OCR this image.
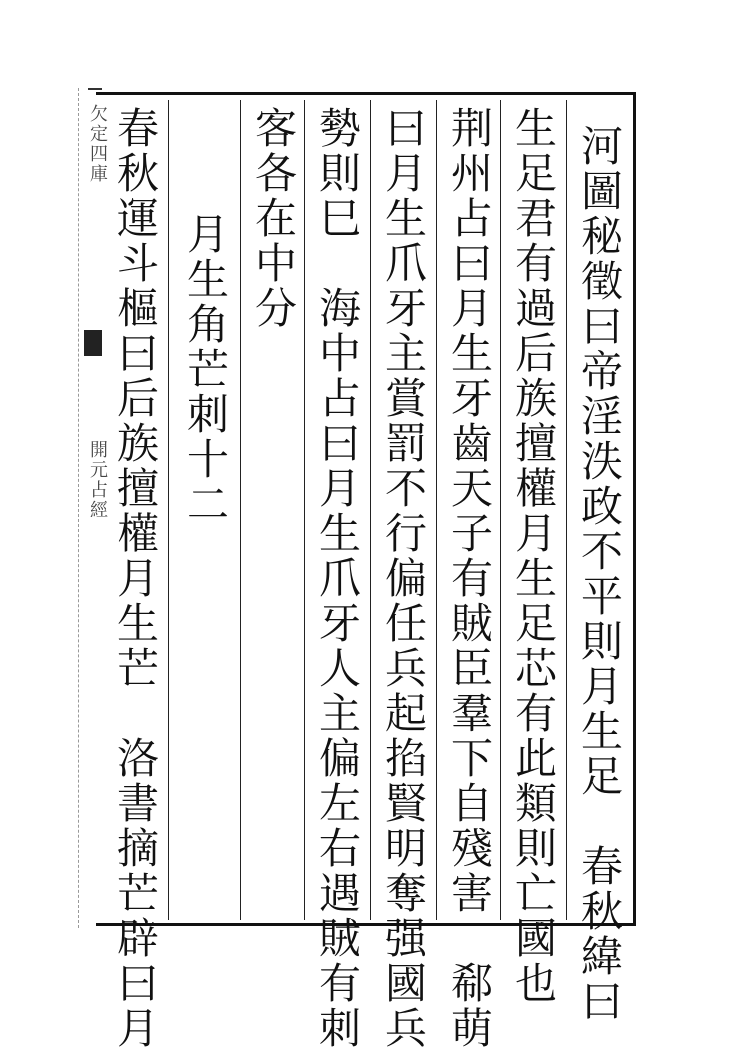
欠定四庫
開元占經	河圖秘徵曰帝淫泆政不平則月生足　春秋緯曰
生足君有過后族擅權月生足芯有此類則亡國也
荆州占曰月生牙齒天子有賊臣羣下自殘害　郗萌
曰月生爪牙主賞罰不行偏任兵起掐賢明奪强國兵
勢則巳　海中占曰月生爪牙人主偏左右遇賊有刺
客各在中分
月生角芒刺十二
春秋運斗樞曰后族擅權月生芒　洛書摘芒辟曰月
